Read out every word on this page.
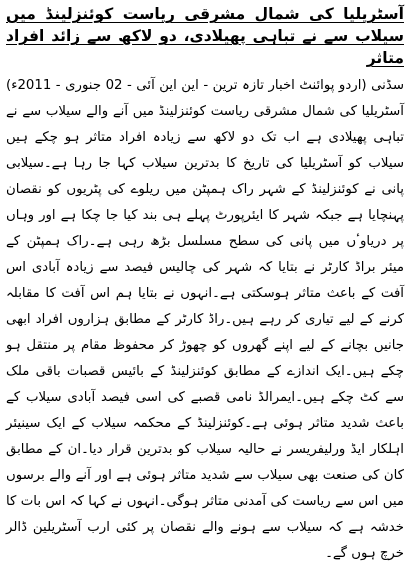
آسٹریلیا کی شمال مشرقی ریاست کوئنزلینڈ میں سیلاب سے نے تباہی پھیلادی، دو لاکھ سے زائد افراد متاثر

سڈنی (اردو پوائنٹ اخبار تازہ ترین - این این آئی - 02 جنوری - 2011ء) آسٹریلیا کی شمال مشرقی ریاست کوئنزلینڈ میں آنے والے سیلاب سے نے تباہی پھیلادی ہے اب تک دو لاکھ سے زیادہ افراد متاثر ہو چکے ہیں سیلاب کو آسٹریلیا کی تاریخ کا بدترین سیلاب کہا جا رہا ہے۔سیلابی پانی نے کوئنزلینڈ کے شہر راک ہمپٹن میں ریلوے کی پٹریوں کو نقصان پہنچایا ہے جبکہ شہر کا ایئرپورٹ پہلے ہی بند کیا جا چکا ہے اور وہاں پر دریاوٴں میں پانی کی سطح مسلسل بڑھ رہی ہے۔راک ہمپٹن کے میئر براڈ کارٹر نے بتایا کہ شہر کی چالیس فیصد سے زیادہ آبادی اس آفت کے باعث متاثر ہوسکتی ہے۔انہوں نے بتایا ہم اس آفت کا مقابلہ کرنے کے لیے تیاری کر رہے ہیں۔راڈ کارٹر کے مطابق ہزاروں افراد ابھی جانیں بچانے کے لیے اپنے گھروں کو چھوڑ کر محفوظ مقام پر منتقل ہو چکے ہیں۔ایک اندازے کے مطابق کوئنزلینڈ کے بائیس قصبات باقی ملک سے کٹ چکے ہیں۔ایمرالڈ نامی قصبے کی اسی فیصد آبادی سیلاب کے باعث شدید متاثر ہوئی ہے۔کوئنزلینڈ کے محکمہ سیلاب کے ایک سینیئر اہلکار ایڈ ورلیفریسر نے حالیہ سیلاب کو بدترین قرار دیا۔ان کے مطابق کان کی صنعت بھی سیلاب سے شدید متاثر ہوئی ہے اور آنے والے برسوں میں اس سے ریاست کی آمدنی متاثر ہوگی۔انہوں نے کہا کہ اس بات کا خدشہ ہے کہ سیلاب سے ہونے والے نقصان پر کئی ارب آسٹریلین ڈالر خرچ ہوں گے۔
